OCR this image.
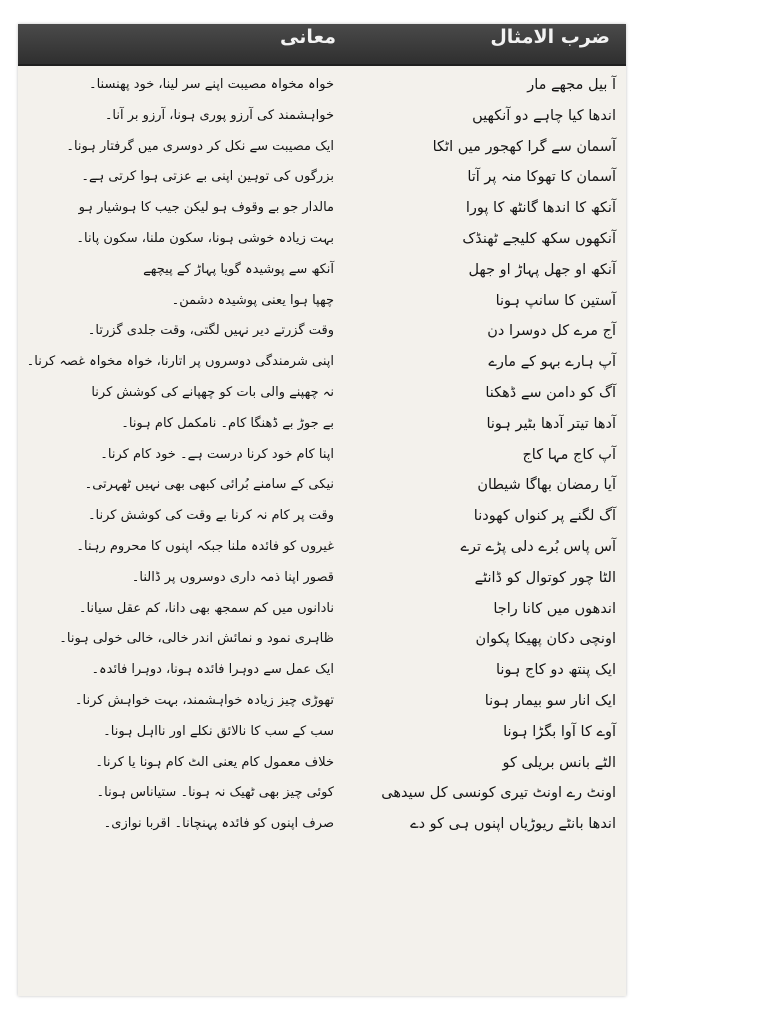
ضرب الامثال
معانی
آ بیل مجھے مار
اندھا کیا چاہے دو آنکھیں
آسمان سے گرا کھجور میں اٹکا
آسمان کا تھوکا منہ پر آتا
آنکھ کا اندھا گانٹھ کا پورا
آنکھوں سکھ کلیجے ٹھنڈک
آنکھ او جھل پہاڑ او جھل
آستین کا سانپ ہونا
آج مرے کل دوسرا دن
آپ ہارے بہو کے مارے
آگ کو دامن سے ڈھکنا
آدھا تیتر آدھا بٹیر ہونا
آپ کاج مہا کاج
آیا رمضان بھاگا شیطان
آگ لگنے پر کنواں کھودنا
آس پاس بُرے دلی پڑے ترے
الٹا چور کوتوال کو ڈانٹے
اندھوں میں کانا راجا
اونچی دکان پھیکا پکوان
ایک پنتھ دو کاج ہونا
ایک انار سو بیمار ہونا
آوے کا آوا بگڑا ہونا
الٹے بانس بریلی کو
اونٹ رے اونٹ تیری کونسی کل سیدھی
اندھا بانٹے ریوڑیاں اپنوں ہی کو دے
خواہ مخواہ مصیبت اپنے سر لینا، خود پھنسنا۔
خواہشمند کی آرزو پوری ہونا، آرزو بر آنا۔
ایک مصیبت سے نکل کر دوسری میں گرفتار ہونا۔
بزرگوں کی توہین اپنی بے عزتی ہوا کرتی ہے۔
مالدار جو بے وقوف ہو لیکن جیب کا ہوشیار ہو
بہت زیادہ خوشی ہونا، سکون ملنا، سکون پانا۔
آنکھ سے پوشیدہ گویا پہاڑ کے پیچھے
چھپا ہوا یعنی پوشیدہ دشمن۔
وقت گزرتے دیر نہیں لگتی، وقت جلدی گزرتا۔
اپنی شرمندگی دوسروں پر اتارنا، خواہ مخواہ غصہ کرنا۔
نہ چھپنے والی بات کو چھپانے کی کوشش کرنا
بے جوڑ بے ڈھنگا کام۔ نامکمل کام ہونا۔
اپنا کام خود کرنا درست ہے۔ خود کام کرنا۔
نیکی کے سامنے بُرائی کبھی بھی نہیں ٹھہرتی۔
وقت پر کام نہ کرنا بے وقت کی کوشش کرنا۔
غیروں کو فائدہ ملنا جبکہ اپنوں کا محروم رہنا۔
قصور اپنا ذمہ داری دوسروں پر ڈالنا۔
نادانوں میں کم سمجھ بھی دانا، کم عقل سیانا۔
ظاہری نمود و نمائش اندر خالی، خالی خولی ہونا۔
ایک عمل سے دوہرا فائدہ ہونا، دوہرا فائدہ۔
تھوڑی چیز زیادہ خواہشمند، بہت خواہش کرنا۔
سب کے سب کا نالائق نکلے اور نااہل ہونا۔
خلاف معمول کام یعنی الٹ کام ہونا یا کرنا۔
کوئی چیز بھی ٹھیک نہ ہونا۔ ستیاناس ہونا۔
صرف اپنوں کو فائدہ پہنچانا۔ اقربا نوازی۔
